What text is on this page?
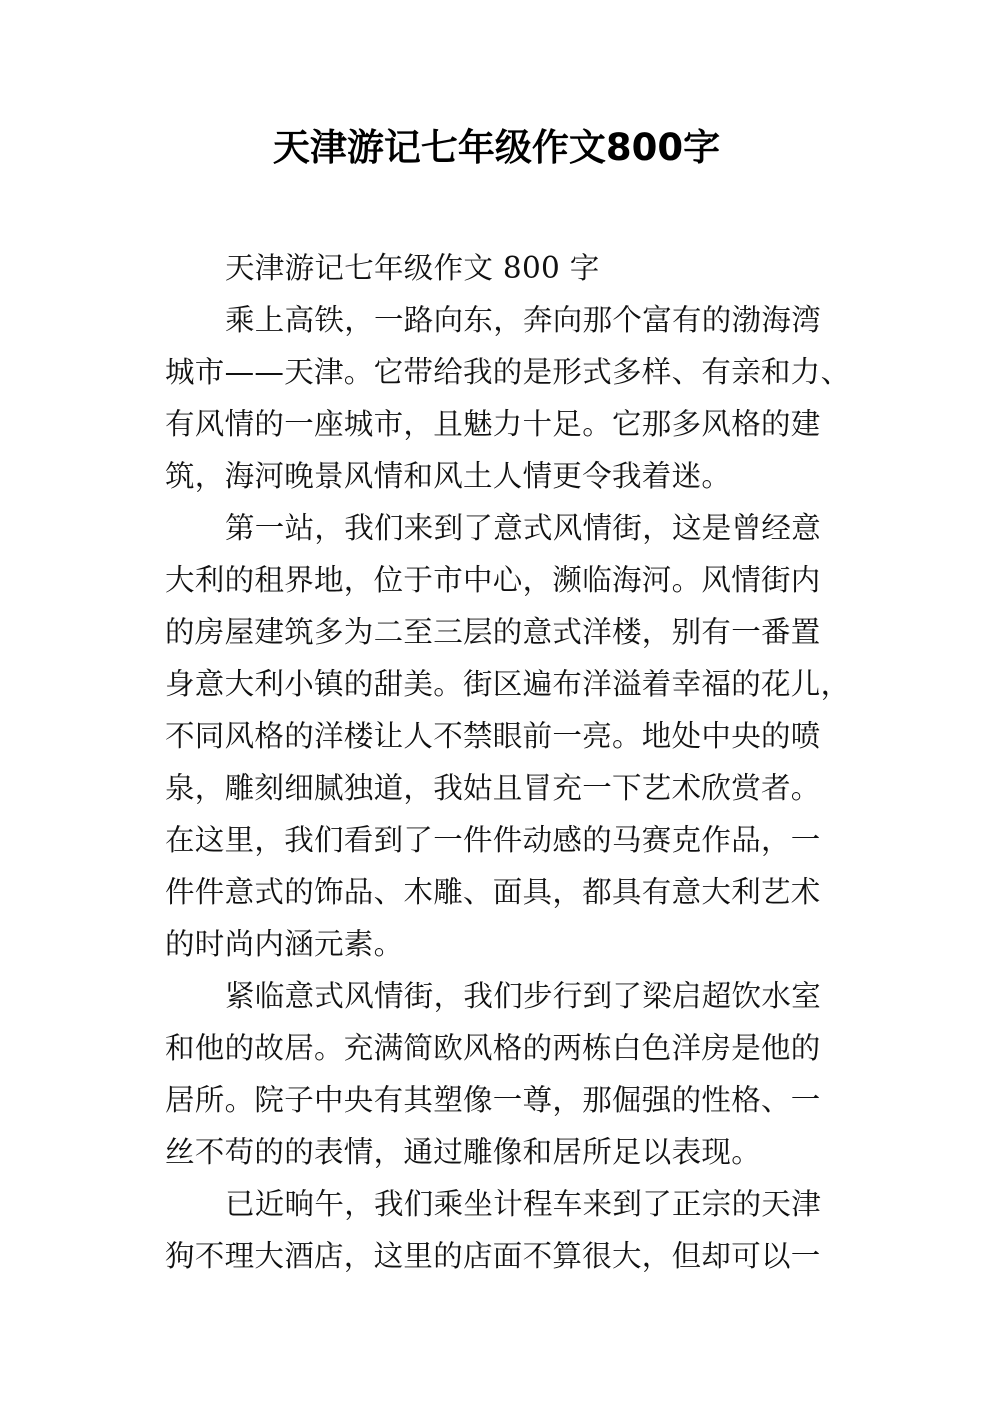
天津游记七年级作文800字
天津游记七年级作文 800 字
乘上高铁，一路向东，奔向那个富有的渤海湾
城市——天津。它带给我的是形式多样、有亲和力、
有风情的一座城市，且魅力十足。它那多风格的建
筑，海河晚景风情和风土人情更令我着迷。
第一站，我们来到了意式风情街，这是曾经意
大利的租界地，位于市中心，濒临海河。风情街内
的房屋建筑多为二至三层的意式洋楼，别有一番置
身意大利小镇的甜美。街区遍布洋溢着幸福的花儿，
不同风格的洋楼让人不禁眼前一亮。地处中央的喷
泉，雕刻细腻独道，我姑且冒充一下艺术欣赏者。
在这里，我们看到了一件件动感的马赛克作品，一
件件意式的饰品、木雕、面具，都具有意大利艺术
的时尚内涵元素。
紧临意式风情街，我们步行到了梁启超饮水室
和他的故居。充满简欧风格的两栋白色洋房是他的
居所。院子中央有其塑像一尊，那倔强的性格、一
丝不苟的的表情，通过雕像和居所足以表现。
已近晌午，我们乘坐计程车来到了正宗的天津
狗不理大酒店，这里的店面不算很大，但却可以一
